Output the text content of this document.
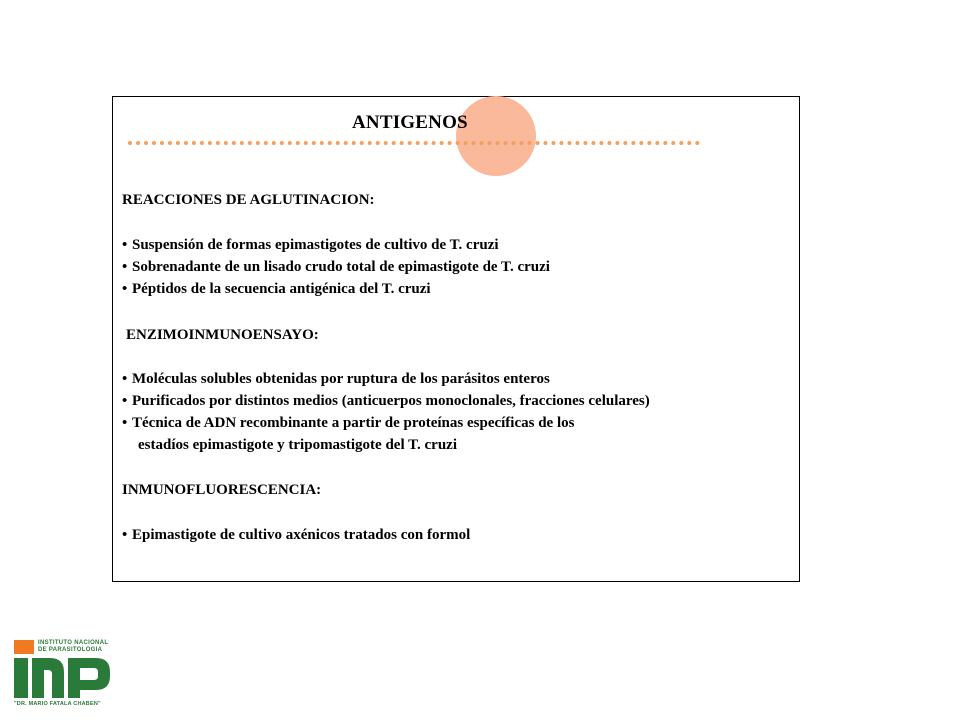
ANTIGENOS
REACCIONES DE AGLUTINACION:
• Suspensión de formas epimastigotes de cultivo de T. cruzi
• Sobrenadante de un lisado crudo total de epimastigote de T. cruzi
• Péptidos de la secuencia antigénica del T. cruzi
ENZIMOINMUNOENSAYO:
• Moléculas solubles obtenidas por ruptura de los parásitos enteros
• Purificados por distintos medios (anticuerpos monoclonales, fracciones celulares)
• Técnica de ADN recombinante a partir de proteínas específicas de los
estadíos epimastigote y tripomastigote del T. cruzi
INMUNOFLUORESCENCIA:
• Epimastigote de cultivo axénicos tratados con formol
INSTITUTO NACIONAL
DE PARASITOLOGIA
"DR. MARIO FATALA CHABEN"
